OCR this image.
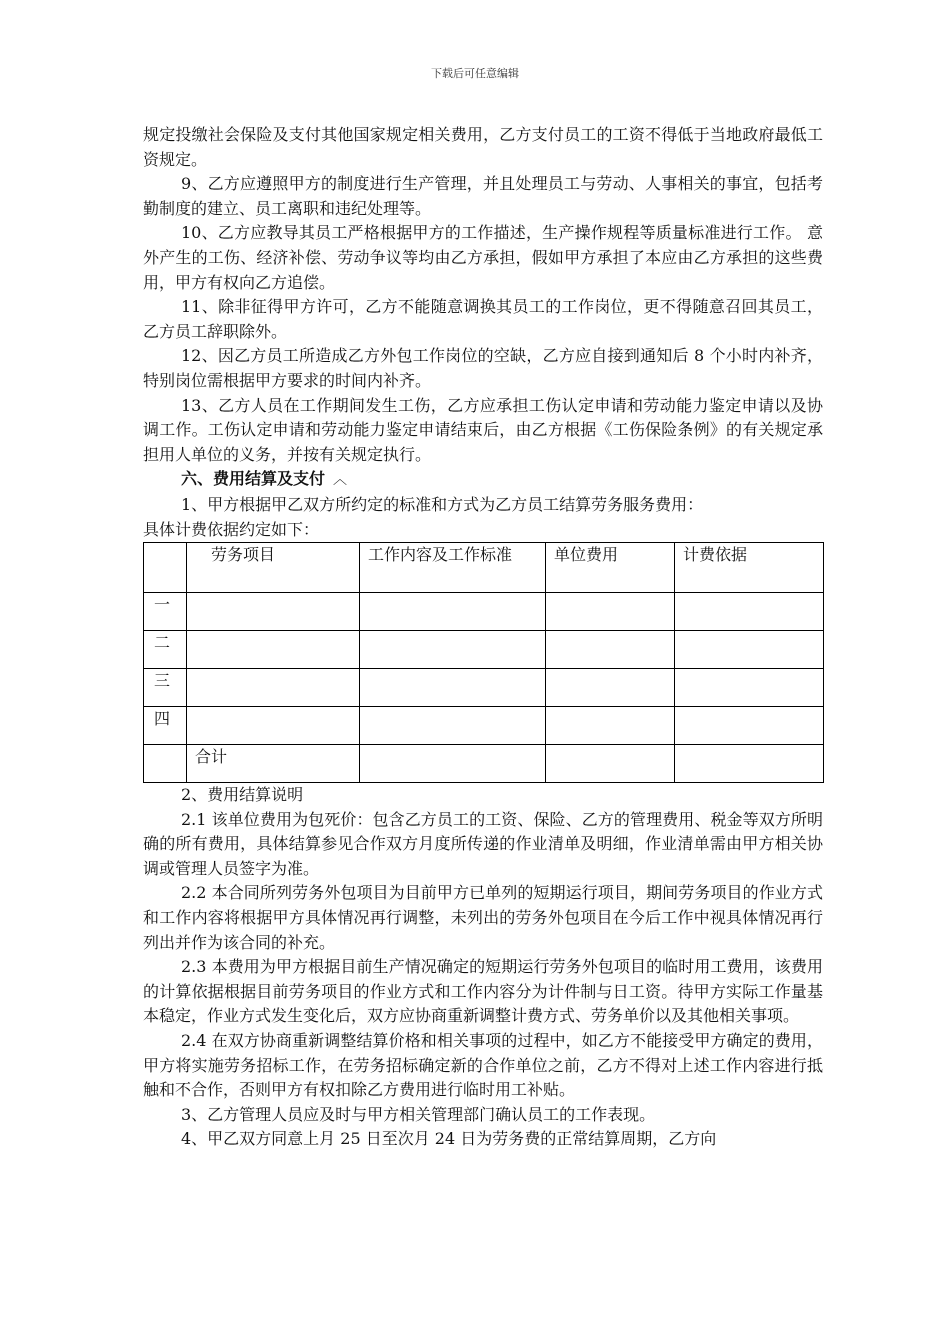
下载后可任意编辑

规定投缴社会保险及支付其他国家规定相关费用，乙方支付员工的工资不得低于当地政府最低工资规定。

9、乙方应遵照甲方的制度进行生产管理，并且处理员工与劳动、人事相关的事宜，包括考勤制度的建立、员工离职和违纪处理等。

10、乙方应教导其员工严格根据甲方的工作描述，生产操作规程等质量标准进行工作。 意外产生的工伤、经济补偿、劳动争议等均由乙方承担，假如甲方承担了本应由乙方承担的这些费用，甲方有权向乙方追偿。

11、除非征得甲方许可，乙方不能随意调换其员工的工作岗位，更不得随意召回其员工，乙方员工辞职除外。

12、因乙方员工所造成乙方外包工作岗位的空缺，乙方应自接到通知后 8 个小时内补齐，特别岗位需根据甲方要求的时间内补齐。

13、乙方人员在工作期间发生工伤，乙方应承担工伤认定申请和劳动能力鉴定申请以及协调工作。工伤认定申请和劳动能力鉴定申请结束后，由乙方根据《工伤保险条例》的有关规定承担用人单位的义务，并按有关规定执行。

六、费用结算及支付 ︿

1、甲方根据甲乙双方所约定的标准和方式为乙方员工结算劳务服务费用：

具体计费依据约定如下：

	劳务项目	工作内容及工作标准	单位费用	计费依据
一				
二				
三				
四				
	合计			

2、费用结算说明

2.1 该单位费用为包死价：包含乙方员工的工资、保险、乙方的管理费用、税金等双方所明确的所有费用，具体结算参见合作双方月度所传递的作业清单及明细，作业清单需由甲方相关协调或管理人员签字为准。

2.2 本合同所列劳务外包项目为目前甲方已单列的短期运行项目，期间劳务项目的作业方式和工作内容将根据甲方具体情况再行调整，未列出的劳务外包项目在今后工作中视具体情况再行列出并作为该合同的补充。

2.3 本费用为甲方根据目前生产情况确定的短期运行劳务外包项目的临时用工费用，该费用的计算依据根据目前劳务项目的作业方式和工作内容分为计件制与日工资。待甲方实际工作量基本稳定，作业方式发生变化后，双方应协商重新调整计费方式、劳务单价以及其他相关事项。

2.4 在双方协商重新调整结算价格和相关事项的过程中，如乙方不能接受甲方确定的费用，甲方将实施劳务招标工作，在劳务招标确定新的合作单位之前，乙方不得对上述工作内容进行抵触和不合作，否则甲方有权扣除乙方费用进行临时用工补贴。

3、乙方管理人员应及时与甲方相关管理部门确认员工的工作表现。

4、甲乙双方同意上月 25 日至次月 24 日为劳务费的正常结算周期，乙方向
